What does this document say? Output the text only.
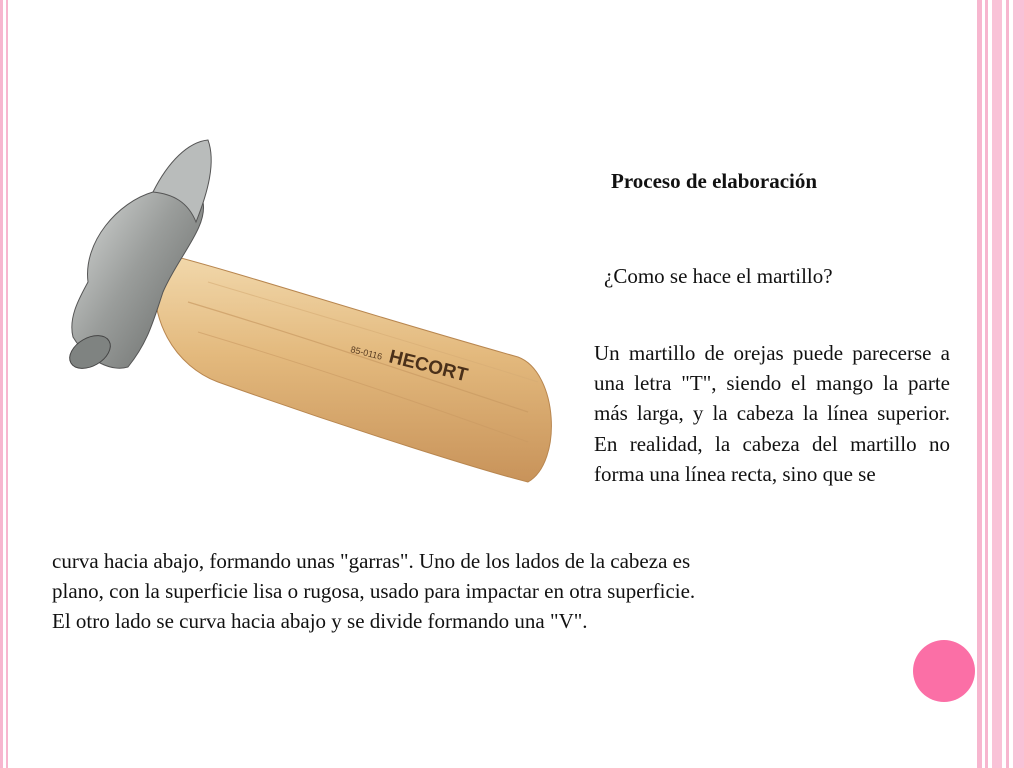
85-0116 HECORT
Proceso de elaboración
¿Como se hace el martillo?
Un martillo de orejas puede parecerse a una letra "T", siendo el mango la parte más larga, y la cabeza la línea superior. En realidad, la cabeza del martillo no forma una línea recta, sino que se
curva hacia abajo, formando unas "garras". Uno de los lados de la cabeza es
plano, con la superficie lisa o rugosa, usado para impactar en otra superficie.
El otro lado se curva hacia abajo y se divide formando una "V".
